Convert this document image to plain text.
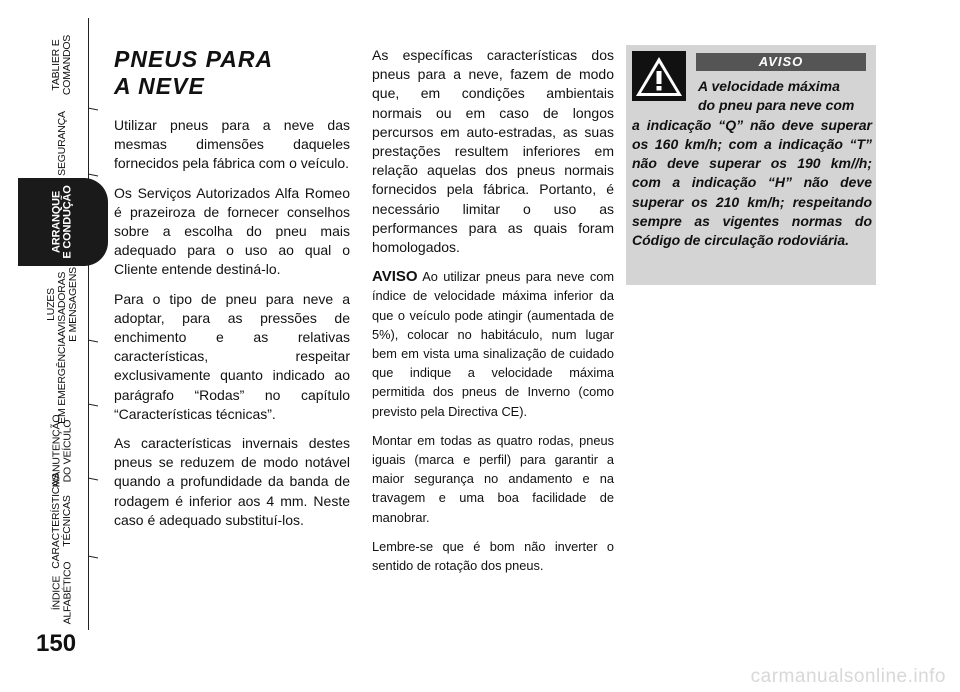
TABLIER E COMANDOS
SEGURANÇA
ARRANQUE E CONDUÇÃO
LUZES AVISADORAS E MENSAGENS
EM EMERGÊNCIA
MANUTENÇÃO DO VEÍCULO
CARACTERÍSTICAS TÉCNICAS
ÍNDICE ALFABÉTICO
150
PNEUS PARA
A NEVE

Utilizar pneus para a neve das mesmas dimensões daqueles fornecidos pela fábrica com o veículo.

Os Serviços Autorizados Alfa Romeo é prazeiroza de fornecer conselhos sobre a escolha do pneu mais adequado para o uso ao qual o Cliente entende destiná-lo.

Para o tipo de pneu para neve a adoptar, para as pressões de enchimento e as relativas características, respeitar exclusivamente quanto indicado ao parágrafo “Rodas” no capítulo “Características técnicas”.

As características invernais destes pneus se reduzem de modo notável quando a profundidade da banda de rodagem é inferior aos 4 mm. Neste caso é adequado substituí-los.

As específicas características dos pneus para a neve, fazem de modo que, em condições ambientais normais ou em caso de longos percursos em auto-estradas, as suas prestações resultem inferiores em relação aquelas dos pneus normais fornecidos pela fábrica. Portanto, é necessário limitar o uso as performances para as quais foram homologados.

AVISO Ao utilizar pneus para neve com índice de velocidade máxima inferior da que o veículo pode atingir (aumentada de 5%), colocar no habitáculo, num lugar bem em vista uma sinalização de cuidado que indique a velocidade máxima permitida dos pneus de Inverno (como previsto pela Directiva CE).

Montar em todas as quatro rodas, pneus iguais (marca e perfil) para garantir a maior segurança no andamento e na travagem e uma boa facilidade de manobrar.

Lembre-se que é bom não inverter o sentido de rotação dos pneus.

AVISO
A velocidade máxima
do pneu para neve com
a indicação “Q” não deve superar os 160 km/h; com a indicação “T” não deve superar os 190 km//h; com a indicação “H” não deve superar os 210 km/h; respeitando sempre as vigentes normas do Código de circulação rodoviária.
carmanualsonline.info
